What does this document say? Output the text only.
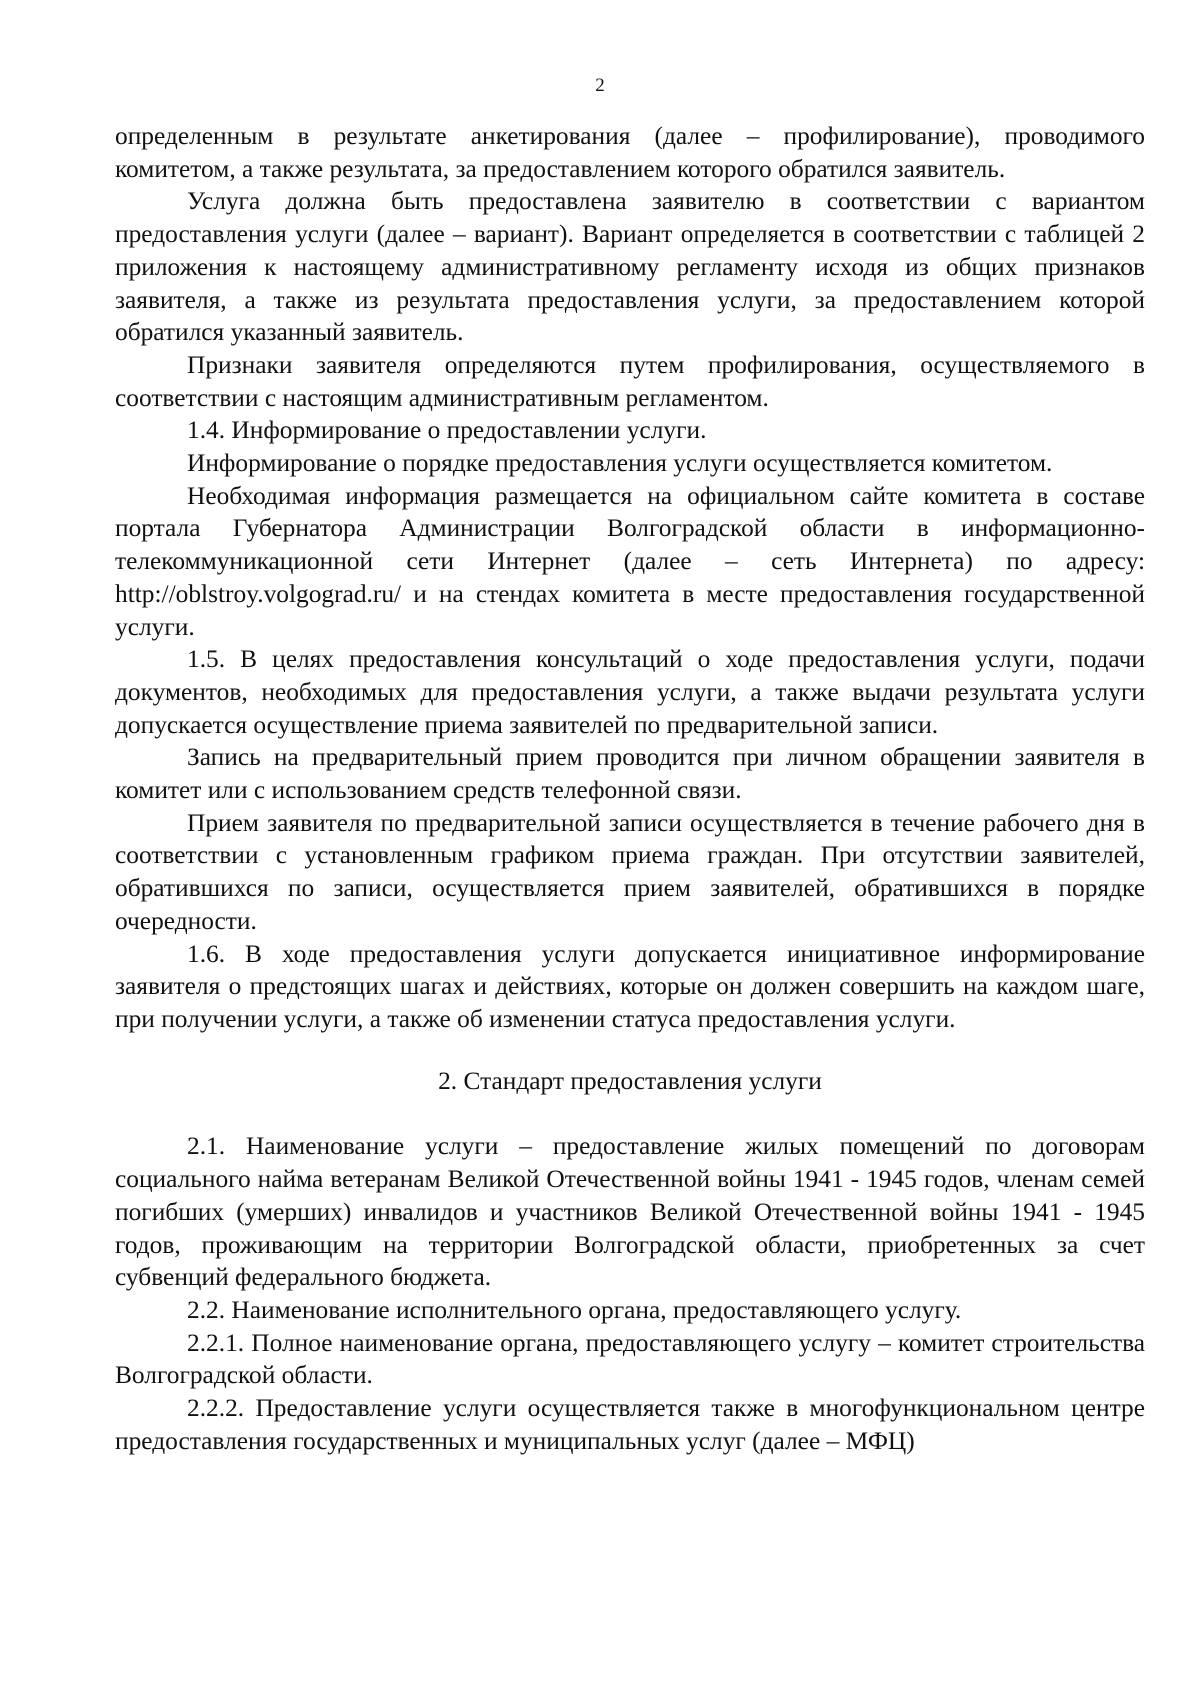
2

определенным в результате анкетирования (далее – профилирование), проводимого комитетом, а также результата, за предоставлением которого обратился заявитель.

Услуга должна быть предоставлена заявителю в соответствии с вариантом предоставления услуги (далее – вариант). Вариант определяется в соответствии с таблицей 2 приложения к настоящему административному регламенту исходя из общих признаков заявителя, а также из результата предоставления услуги, за предоставлением которой обратился указанный заявитель.

Признаки заявителя определяются путем профилирования, осуществляемого в соответствии с настоящим административным регламентом.

1.4. Информирование о предоставлении услуги.

Информирование о порядке предоставления услуги осуществляется комитетом.

Необходимая информация размещается на официальном сайте комитета в составе портала Губернатора Администрации Волгоградской области в информационно-телекоммуникационной сети Интернет (далее – сеть Интернета) по адресу: http://oblstroy.volgograd.ru/ и на стендах комитета в месте предоставления государственной услуги.

1.5. В целях предоставления консультаций о ходе предоставления услуги, подачи документов, необходимых для предоставления услуги, а также выдачи результата услуги допускается осуществление приема заявителей по предварительной записи.

Запись на предварительный прием проводится при личном обращении заявителя в комитет или с использованием средств телефонной связи.

Прием заявителя по предварительной записи осуществляется в течение рабочего дня в соответствии с установленным графиком приема граждан. При отсутствии заявителей, обратившихся по записи, осуществляется прием заявителей, обратившихся в порядке очередности.

1.6. В ходе предоставления услуги допускается инициативное информирование заявителя о предстоящих шагах и действиях, которые он должен совершить на каждом шаге, при получении услуги, а также об изменении статуса предоставления услуги.

2. Стандарт предоставления услуги

2.1. Наименование услуги – предоставление жилых помещений по договорам социального найма ветеранам Великой Отечественной войны 1941 - 1945 годов, членам семей погибших (умерших) инвалидов и участников Великой Отечественной войны 1941 - 1945 годов, проживающим на территории Волгоградской области, приобретенных за счет субвенций федерального бюджета.

2.2. Наименование исполнительного органа, предоставляющего услугу.

2.2.1. Полное наименование органа, предоставляющего услугу – комитет строительства Волгоградской области.

2.2.2. Предоставление услуги осуществляется также в многофункциональном центре предоставления государственных и муниципальных услуг (далее – МФЦ)
